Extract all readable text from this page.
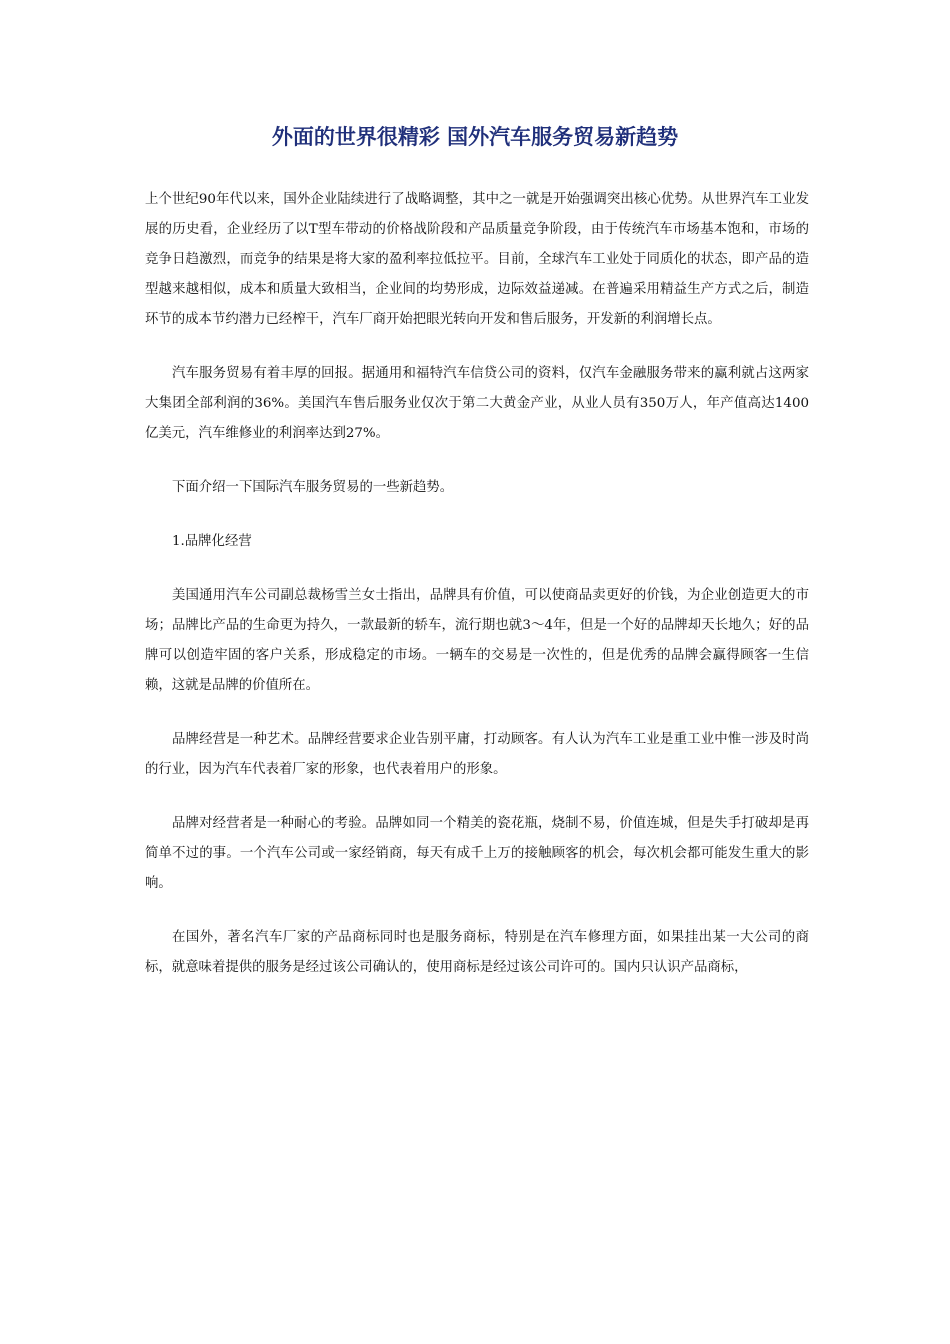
外面的世界很精彩 国外汽车服务贸易新趋势

上个世纪90年代以来，国外企业陆续进行了战略调整，其中之一就是开始强调突出核心优势。从世界汽车工业发展的历史看，企业经历了以T型车带动的价格战阶段和产品质量竞争阶段，由于传统汽车市场基本饱和，市场的竞争日趋激烈，而竞争的结果是将大家的盈利率拉低拉平。目前，全球汽车工业处于同质化的状态，即产品的造型越来越相似，成本和质量大致相当，企业间的均势形成，边际效益递减。在普遍采用精益生产方式之后，制造环节的成本节约潜力已经榨干，汽车厂商开始把眼光转向开发和售后服务，开发新的利润增长点。

汽车服务贸易有着丰厚的回报。据通用和福特汽车信贷公司的资料，仅汽车金融服务带来的赢利就占这两家大集团全部利润的36%。美国汽车售后服务业仅次于第二大黄金产业，从业人员有350万人，年产值高达1400亿美元，汽车维修业的利润率达到27%。

下面介绍一下国际汽车服务贸易的一些新趋势。

1.品牌化经营

美国通用汽车公司副总裁杨雪兰女士指出，品牌具有价值，可以使商品卖更好的价钱，为企业创造更大的市场；品牌比产品的生命更为持久，一款最新的轿车，流行期也就3～4年，但是一个好的品牌却天长地久；好的品牌可以创造牢固的客户关系，形成稳定的市场。一辆车的交易是一次性的，但是优秀的品牌会赢得顾客一生信赖，这就是品牌的价值所在。

品牌经营是一种艺术。品牌经营要求企业告别平庸，打动顾客。有人认为汽车工业是重工业中惟一涉及时尚的行业，因为汽车代表着厂家的形象，也代表着用户的形象。

品牌对经营者是一种耐心的考验。品牌如同一个精美的瓷花瓶，烧制不易，价值连城，但是失手打破却是再简单不过的事。一个汽车公司或一家经销商，每天有成千上万的接触顾客的机会，每次机会都可能发生重大的影响。

在国外，著名汽车厂家的产品商标同时也是服务商标，特别是在汽车修理方面，如果挂出某一大公司的商标，就意味着提供的服务是经过该公司确认的，使用商标是经过该公司许可的。国内只认识产品商标，
